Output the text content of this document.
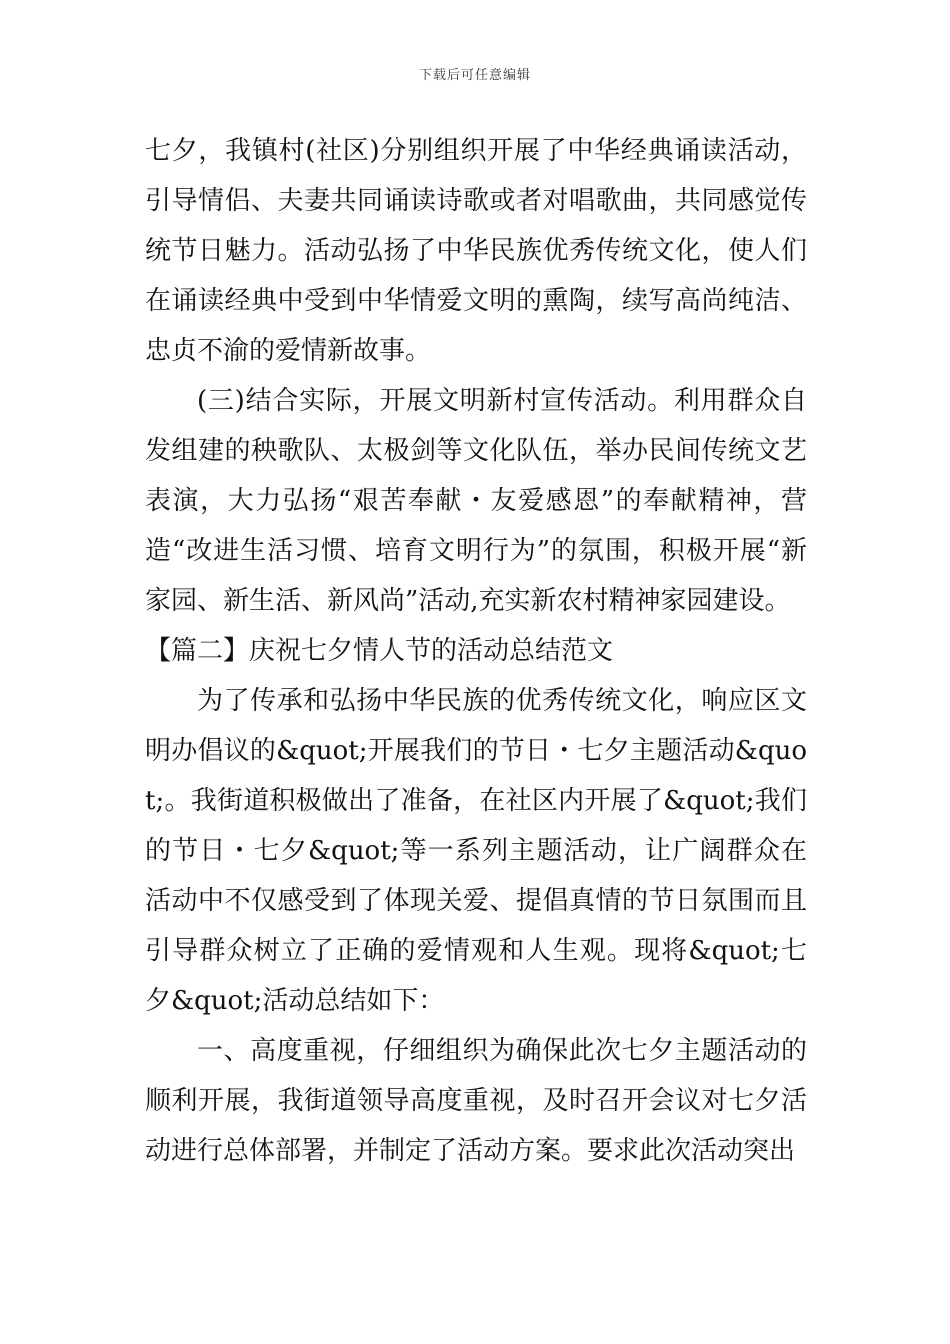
下载后可任意编辑

七夕，我镇村(社区)分别组织开展了中华经典诵读活动，引导情侣、夫妻共同诵读诗歌或者对唱歌曲，共同感觉传统节日魅力。活动弘扬了中华民族优秀传统文化，使人们在诵读经典中受到中华情爱文明的熏陶，续写高尚纯洁、忠贞不渝的爱情新故事。

(三)结合实际，开展文明新村宣传活动。利用群众自发组建的秧歌队、太极剑等文化队伍，举办民间传统文艺表演，大力弘扬“艰苦奉献・友爱感恩”的奉献精神，营造“改进生活习惯、培育文明行为”的氛围，积极开展“新家园、新生活、新风尚”活动,充实新农村精神家园建设。

【篇二】庆祝七夕情人节的活动总结范文

为了传承和弘扬中华民族的优秀传统文化，响应区文明办倡议的&quot;开展我们的节日・七夕主题活动&quot;。我街道积极做出了准备，在社区内开展了&quot;我们的节日・七夕&quot;等一系列主题活动，让广阔群众在活动中不仅感受到了体现关爱、提倡真情的节日氛围而且引导群众树立了正确的爱情观和人生观。现将&quot;七夕&quot;活动总结如下：

一、高度重视，仔细组织为确保此次七夕主题活动的顺利开展，我街道领导高度重视，及时召开会议对七夕活动进行总体部署，并制定了活动方案。要求此次活动突出
